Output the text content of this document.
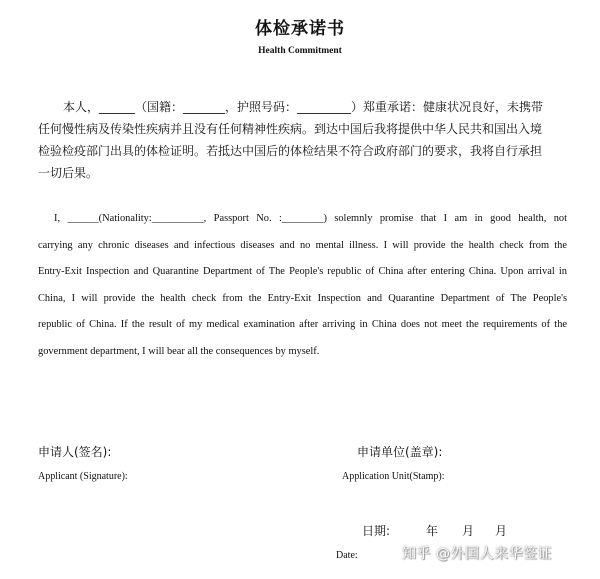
体检承诺书
Health Commitment
本人，______（国籍：_______，护照号码：_________）郑重承诺：健康状况良好，未携带
任何慢性病及传染性疾病并且没有任何精神性疾病。到达中国后我将提供中华人民共和国出入境
检验检疫部门出具的体检证明。若抵达中国后的体检结果不符合政府部门的要求，我将自行承担
一切后果。
I, ______(Nationality:__________, Passport No. :________) solemnly promise that I am in good health, not
carrying any chronic diseases and infectious diseases and no mental illness. I will provide the health check from the
Entry-Exit Inspection and Quarantine Department of The People's republic of China after entering China. Upon arrival in
China, I will provide the health check from the Entry-Exit Inspection and Quarantine Department of The People's
republic of China. If the result of my medical examination after arriving in China does not meet the requirements of the
government department, I will bear all the consequences by myself.
申请人(签名):
Applicant (Signature):
申请单位(盖章):
Application Unit(Stamp):
日期:	年 月 月
Date:	知乎 @外国人来华签证
